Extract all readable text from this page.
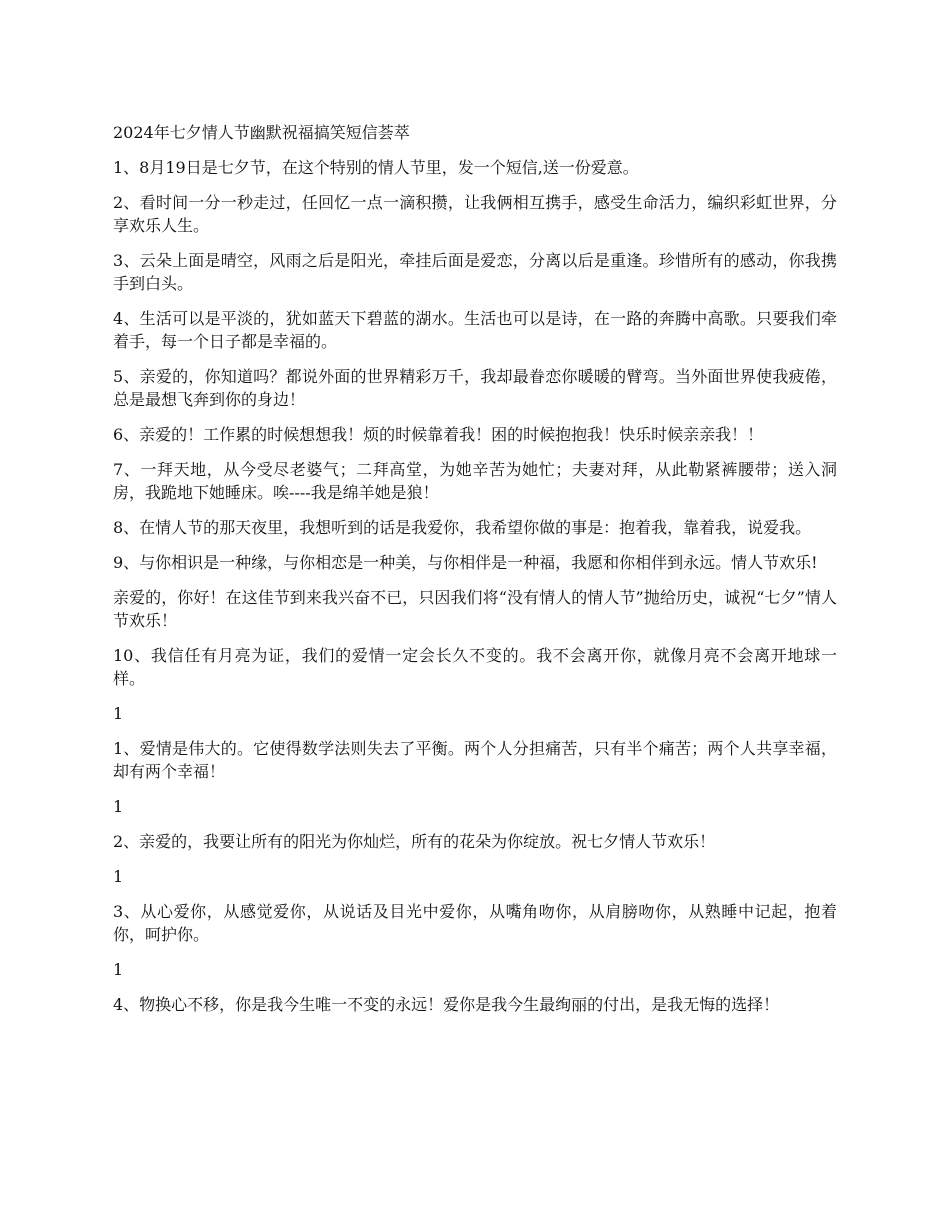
2024年七夕情人节幽默祝福搞笑短信荟萃

1、8月19日是七夕节，在这个特别的情人节里，发一个短信,送一份爱意。

2、看时间一分一秒走过，任回忆一点一滴积攒，让我俩相互携手，感受生命活力，编织彩虹世界，分享欢乐人生。

3、云朵上面是晴空，风雨之后是阳光，牵挂后面是爱恋，分离以后是重逢。珍惜所有的感动，你我携手到白头。

4、生活可以是平淡的，犹如蓝天下碧蓝的湖水。生活也可以是诗，在一路的奔腾中高歌。只要我们牵着手，每一个日子都是幸福的。

5、亲爱的，你知道吗？都说外面的世界精彩万千，我却最眷恋你暖暖的臂弯。当外面世界使我疲倦，总是最想飞奔到你的身边！

6、亲爱的！工作累的时候想想我！烦的时候靠着我！困的时候抱抱我！快乐时候亲亲我！！

7、一拜天地，从今受尽老婆气；二拜高堂，为她辛苦为她忙；夫妻对拜，从此勒紧裤腰带；送入洞房，我跪地下她睡床。唉----我是绵羊她是狼！

8、在情人节的那天夜里，我想听到的话是我爱你，我希望你做的事是：抱着我，靠着我，说爱我。

9、与你相识是一种缘，与你相恋是一种美，与你相伴是一种福，我愿和你相伴到永远。情人节欢乐!

亲爱的，你好！在这佳节到来我兴奋不已，只因我们将“没有情人的情人节”抛给历史，诚祝“七夕”情人节欢乐！

10、我信任有月亮为证，我们的爱情一定会长久不变的。我不会离开你，就像月亮不会离开地球一样。

1

1、爱情是伟大的。它使得数学法则失去了平衡。两个人分担痛苦，只有半个痛苦；两个人共享幸福，却有两个幸福！

1

2、亲爱的，我要让所有的阳光为你灿烂，所有的花朵为你绽放。祝七夕情人节欢乐！

1

3、从心爱你，从感觉爱你，从说话及目光中爱你，从嘴角吻你，从肩膀吻你，从熟睡中记起，抱着你，呵护你。

1

4、物换心不移，你是我今生唯一不变的永远！爱你是我今生最绚丽的付出，是我无悔的选择！
